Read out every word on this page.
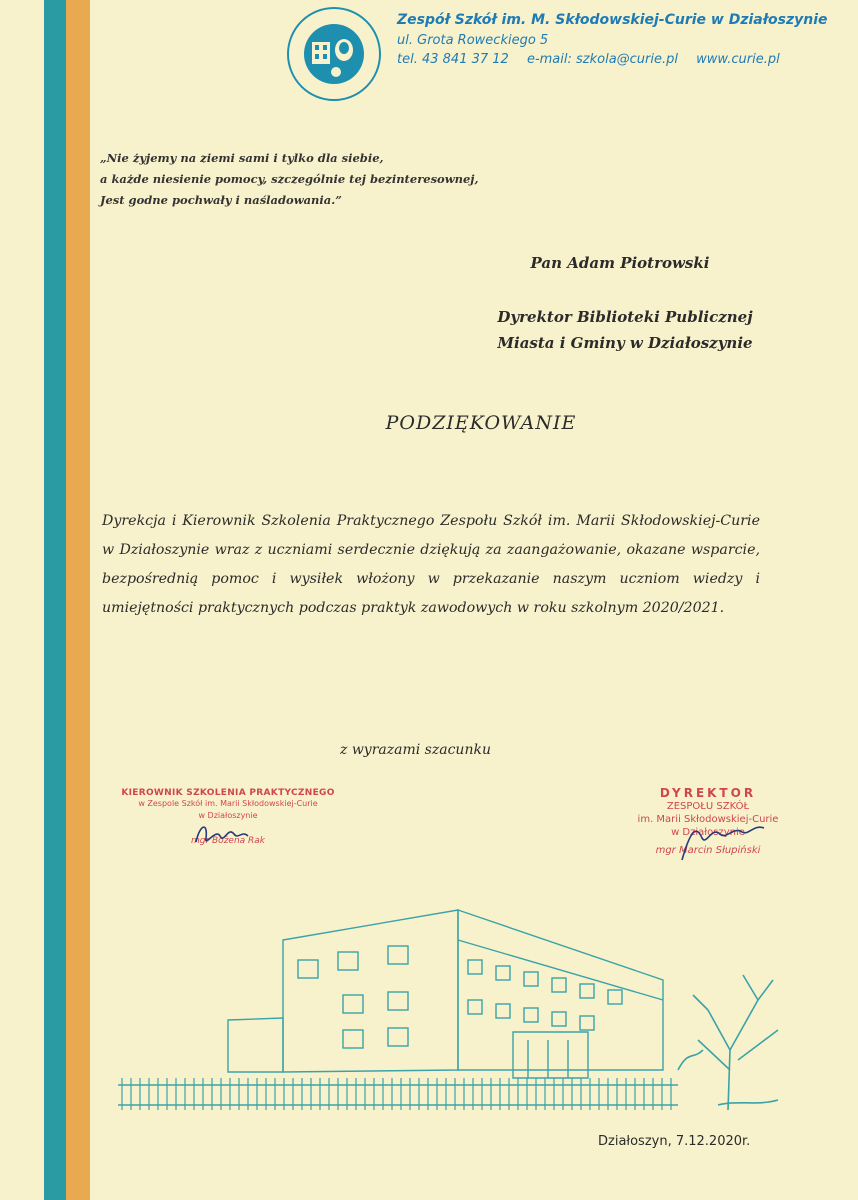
Zespół Szkół im. M. Skłodowskiej-Curie w Działoszynie
ul. Grota Roweckiego 5
tel. 43 841 37 12 e-mail: szkola@curie.pl www.curie.pl
„Nie żyjemy na ziemi sami i tylko dla siebie,
a każde niesienie pomocy, szczególnie tej bezinteresownej,
Jest godne pochwały i naśladowania.”
Pan Adam Piotrowski
Dyrektor Biblioteki Publicznej
Miasta i Gminy w Działoszynie
PODZIĘKOWANIE
Dyrekcja i Kierownik Szkolenia Praktycznego Zespołu Szkół im. Marii Skłodowskiej-Curie w Działoszynie wraz z uczniami serdecznie dziękują za zaangażowanie, okazane wsparcie, bezpośrednią pomoc i wysiłek włożony w przekazanie naszym uczniom wiedzy i umiejętności praktycznych podczas praktyk zawodowych w roku szkolnym 2020/2021.
z wyrazami szacunku
KIEROWNIK SZKOLENIA PRAKTYCZNEGO
w Zespole Szkół im. Marii Skłodowskiej-Curie
w Działoszynie
mgr Bożena Rak
DYREKTOR
ZESPOŁU SZKÓŁ
im. Marii Skłodowskiej-Curie
w Działoszynie
mgr Marcin Słupiński
Działoszyn, 7.12.2020r.
